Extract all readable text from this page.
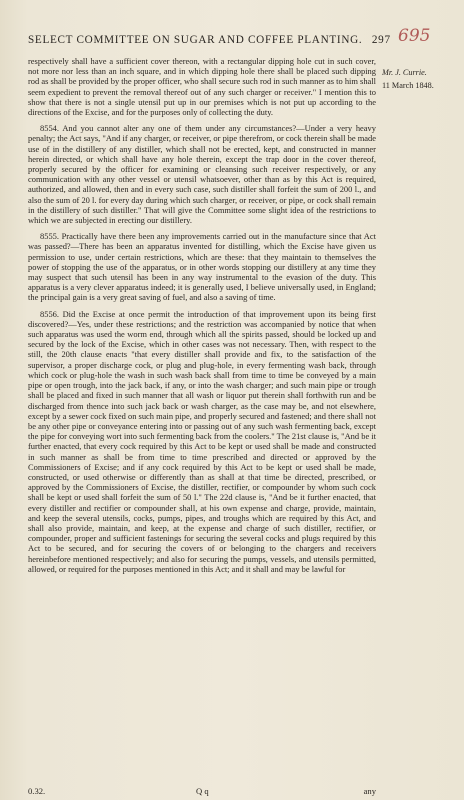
SELECT COMMITTEE ON SUGAR AND COFFEE PLANTING. 297 695
Mr. J. Currie.
11 March 1848.

respectively shall have a sufficient cover thereon, with a rectangular dipping hole cut in such cover, not more nor less than an inch square, and in which dipping hole there shall be placed such dipping rod as shall be provided by the proper officer, who shall secure such rod in such manner as to him shall seem expedient to prevent the removal thereof out of any such charger or receiver." I mention this to show that there is not a single utensil put up in our premises which is not put up according to the directions of the Excise, and for the purposes only of collecting the duty.

8554. And you cannot alter any one of them under any circumstances?—Under a very heavy penalty; the Act says, "And if any charger, or receiver, or pipe therefrom, or cock therein shall be made use of in the distillery of any distiller, which shall not be erected, kept, and constructed in manner herein directed, or which shall have any hole therein, except the trap door in the cover thereof, properly secured by the officer for examining or cleansing such receiver respectively, or any communication with any other vessel or utensil whatsoever, other than as by this Act is required, authorized, and allowed, then and in every such case, such distiller shall forfeit the sum of 200 l., and also the sum of 20 l. for every day during which such charger, or receiver, or pipe, or cock shall remain in the distillery of such distiller." That will give the Committee some slight idea of the restrictions to which we are subjected in erecting our distillery.

8555. Practically have there been any improvements carried out in the manufacture since that Act was passed?—There has been an apparatus invented for distilling, which the Excise have given us permission to use, under certain restrictions, which are these: that they maintain to themselves the power of stopping the use of the apparatus, or in other words stopping our distillery at any time they may suspect that such utensil has been in any way instrumental to the evasion of the duty. This apparatus is a very clever apparatus indeed; it is generally used, I believe universally used, in England; the principal gain is a very great saving of fuel, and also a saving of time.

8556. Did the Excise at once permit the introduction of that improvement upon its being first discovered?—Yes, under these restrictions; and the restriction was accompanied by notice that when such apparatus was used the worm end, through which all the spirits passed, should be locked up and secured by the lock of the Excise, which in other cases was not necessary. Then, with respect to the still, the 20th clause enacts "that every distiller shall provide and fix, to the satisfaction of the supervisor, a proper discharge cock, or plug and plug-hole, in every fermenting wash back, through which cock or plug-hole the wash in such wash back shall from time to time be conveyed by a main pipe or open trough, into the jack back, if any, or into the wash charger; and such main pipe or trough shall be placed and fixed in such manner that all wash or liquor put therein shall forthwith run and be discharged from thence into such jack back or wash charger, as the case may be, and not elsewhere, except by a sewer cock fixed on such main pipe, and properly secured and fastened; and there shall not be any other pipe or conveyance entering into or passing out of any such wash fermenting back, except the pipe for conveying wort into such fermenting back from the coolers." The 21st clause is, "And be it further enacted, that every cock required by this Act to be kept or used shall be made and constructed in such manner as shall be from time to time prescribed and directed or approved by the Commissioners of Excise; and if any cock required by this Act to be kept or used shall be made, constructed, or used otherwise or differently than as shall at that time be directed, prescribed, or approved by the Commissioners of Excise, the distiller, rectifier, or compounder by whom such cock shall be kept or used shall forfeit the sum of 50 l." The 22d clause is, "And be it further enacted, that every distiller and rectifier or compounder shall, at his own expense and charge, provide, maintain, and keep the several utensils, cocks, pumps, pipes, and troughs which are required by this Act, and shall also provide, maintain, and keep, at the expense and charge of such distiller, rectifier, or compounder, proper and sufficient fastenings for securing the several cocks and plugs required by this Act to be secured, and for securing the covers of or belonging to the chargers and receivers hereinbefore mentioned respectively; and also for securing the pumps, vessels, and utensils permitted, allowed, or required for the purposes mentioned in this Act; and it shall and may be lawful for

0.32.	Q q	any
